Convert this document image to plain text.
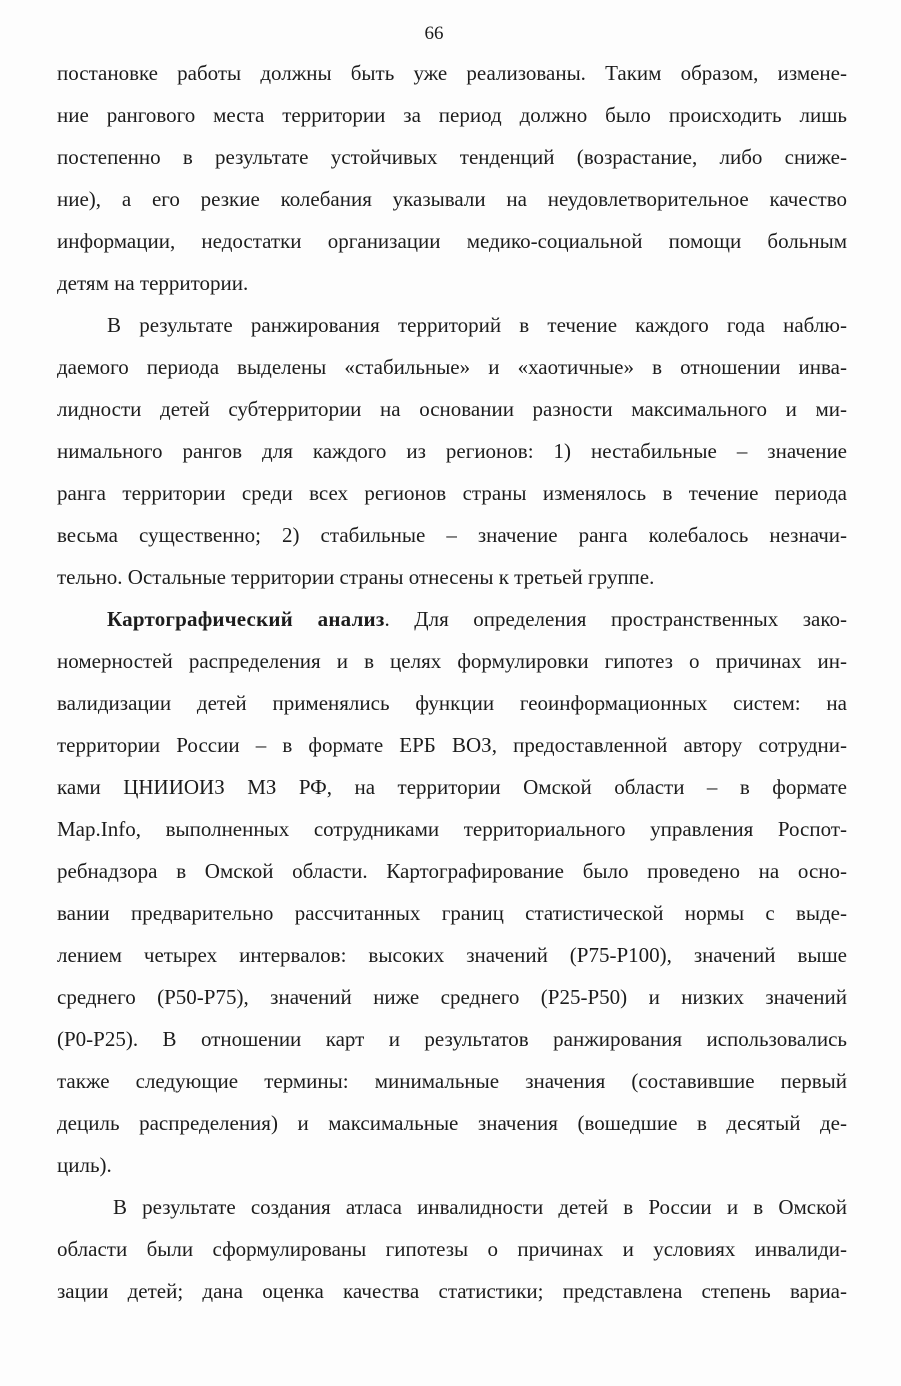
66
постановке работы должны быть уже реализованы. Таким образом, измене-
ние рангового места территории за период должно было происходить лишь
постепенно в результате устойчивых тенденций (возрастание, либо сниже-
ние), а его резкие колебания указывали на неудовлетворительное качество
информации, недостатки организации медико-социальной помощи больным
детям на территории.
В результате ранжирования территорий в течение каждого года наблю-
даемого периода выделены «стабильные» и «хаотичные» в отношении инва-
лидности детей субтерритории на основании разности максимального и ми-
нимального рангов для каждого из регионов: 1) нестабильные – значение
ранга территории среди всех регионов страны изменялось в течение периода
весьма существенно; 2) стабильные – значение ранга колебалось незначи-
тельно. Остальные территории страны отнесены к третьей группе.
Картографический анализ. Для определения пространственных зако-
номерностей распределения и в целях формулировки гипотез о причинах ин-
валидизации детей применялись функции геоинформационных систем: на
территории России – в формате ЕРБ ВОЗ, предоставленной автору сотрудни-
ками ЦНИИОИЗ МЗ РФ, на территории Омской области – в формате
Map.Info, выполненных сотрудниками территориального управления Роспот-
ребнадзора в Омской области. Картографирование было проведено на осно-
вании предварительно рассчитанных границ статистической нормы с выде-
лением четырех интервалов: высоких значений (Р75-Р100), значений выше
среднего (Р50-Р75), значений ниже среднего (Р25-Р50) и низких значений
(Р0-Р25). В отношении карт и результатов ранжирования использовались
также следующие термины: минимальные значения (составившие первый
дециль распределения) и максимальные значения (вошедшие в десятый де-
циль).
В результате создания атласа инвалидности детей в России и в Омской
области были сформулированы гипотезы о причинах и условиях инвалиди-
зации детей; дана оценка качества статистики; представлена степень вариа-
